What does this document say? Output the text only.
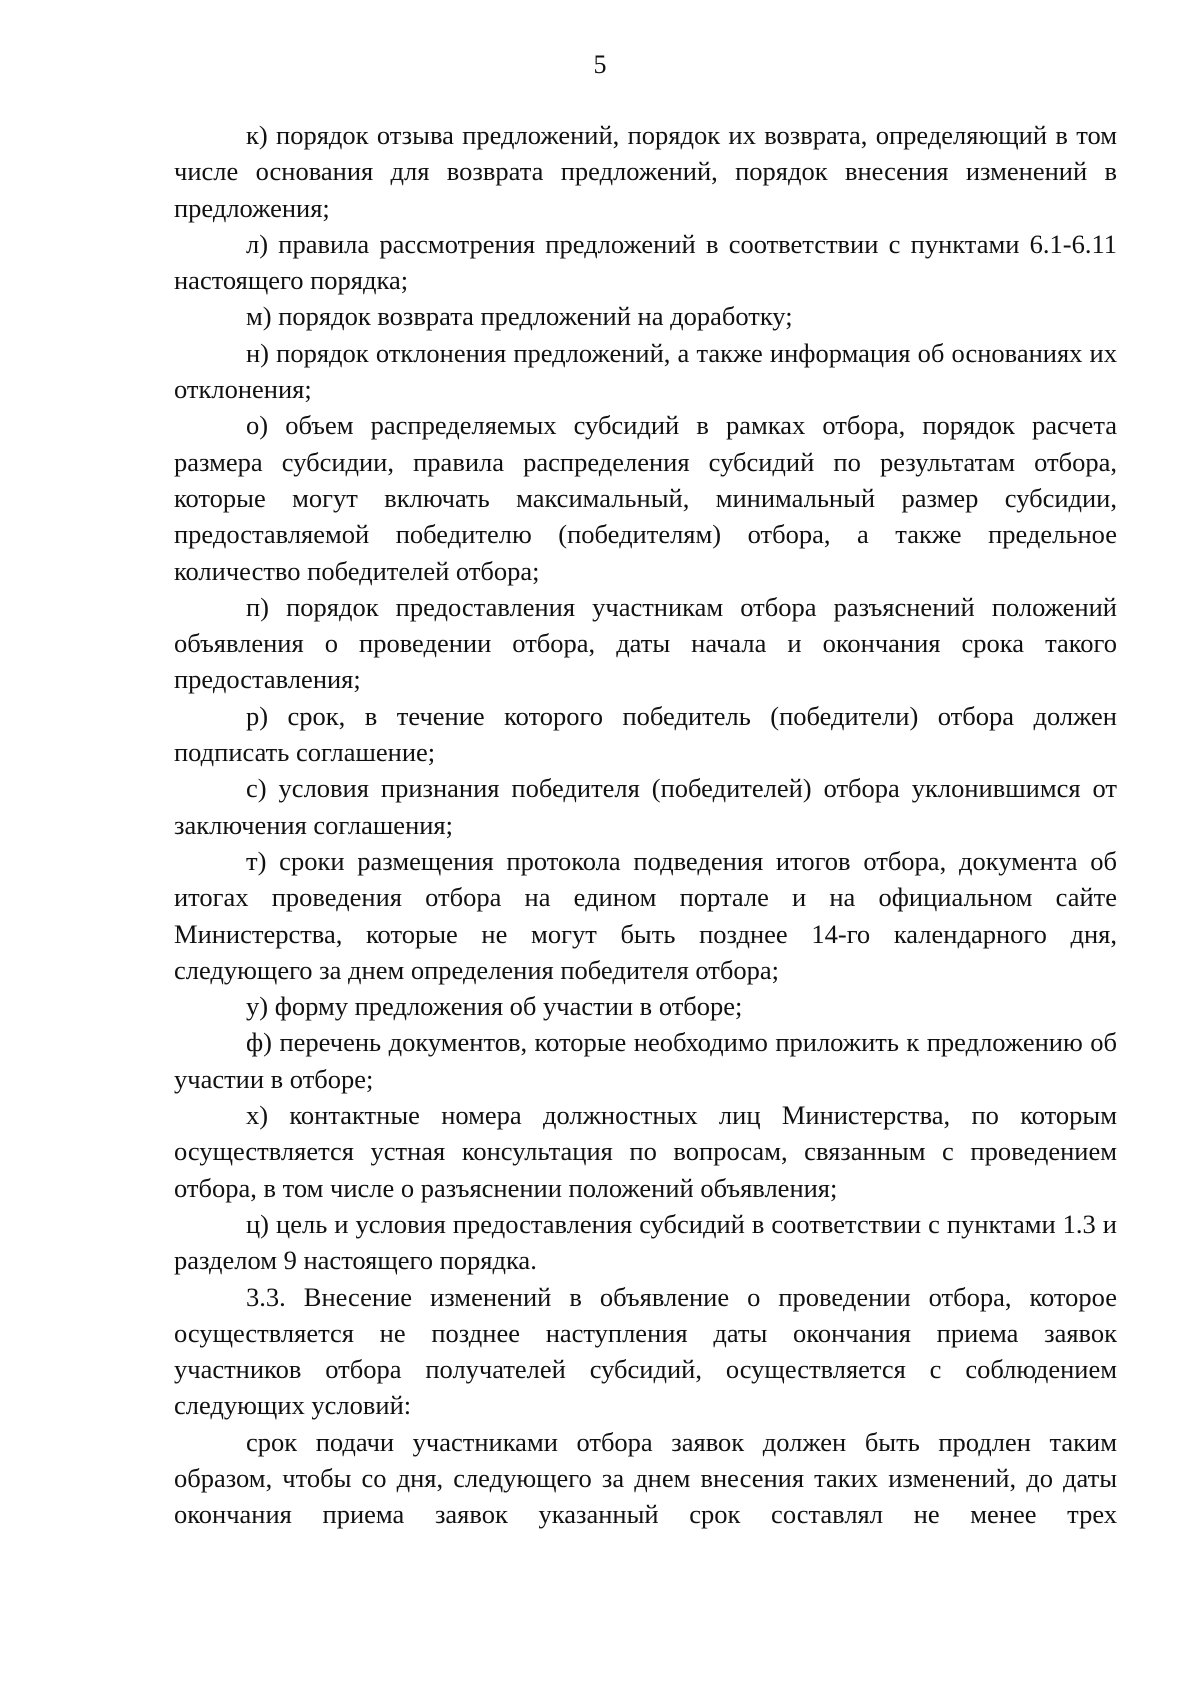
5

к) порядок отзыва предложений, порядок их возврата, определяющий в том числе основания для возврата предложений, порядок внесения изменений в предложения;

л) правила рассмотрения предложений в соответствии с пунктами 6.1-6.11 настоящего порядка;

м) порядок возврата предложений на доработку;

н) порядок отклонения предложений, а также информация об основаниях их отклонения;

о) объем распределяемых субсидий в рамках отбора, порядок расчета размера субсидии, правила распределения субсидий по результатам отбора, которые могут включать максимальный, минимальный размер субсидии, предоставляемой победителю (победителям) отбора, а также предельное количество победителей отбора;

п) порядок предоставления участникам отбора разъяснений положений объявления о проведении отбора, даты начала и окончания срока такого предоставления;

р) срок, в течение которого победитель (победители) отбора должен подписать соглашение;

с) условия признания победителя (победителей) отбора уклонившимся от заключения соглашения;

т) сроки размещения протокола подведения итогов отбора, документа об итогах проведения отбора на едином портале и на официальном сайте Министерства, которые не могут быть позднее 14-го календарного дня, следующего за днем определения победителя отбора;

у) форму предложения об участии в отборе;

ф) перечень документов, которые необходимо приложить к предложению об участии в отборе;

х) контактные номера должностных лиц Министерства, по которым осуществляется устная консультация по вопросам, связанным с проведением отбора, в том числе о разъяснении положений объявления;

ц) цель и условия предоставления субсидий в соответствии с пунктами 1.3 и разделом 9 настоящего порядка.

3.3. Внесение изменений в объявление о проведении отбора, которое осуществляется не позднее наступления даты окончания приема заявок участников отбора получателей субсидий, осуществляется с соблюдением следующих условий:

срок подачи участниками отбора заявок должен быть продлен таким образом, чтобы со дня, следующего за днем внесения таких изменений, до даты окончания приема заявок указанный срок составлял не менее трех
